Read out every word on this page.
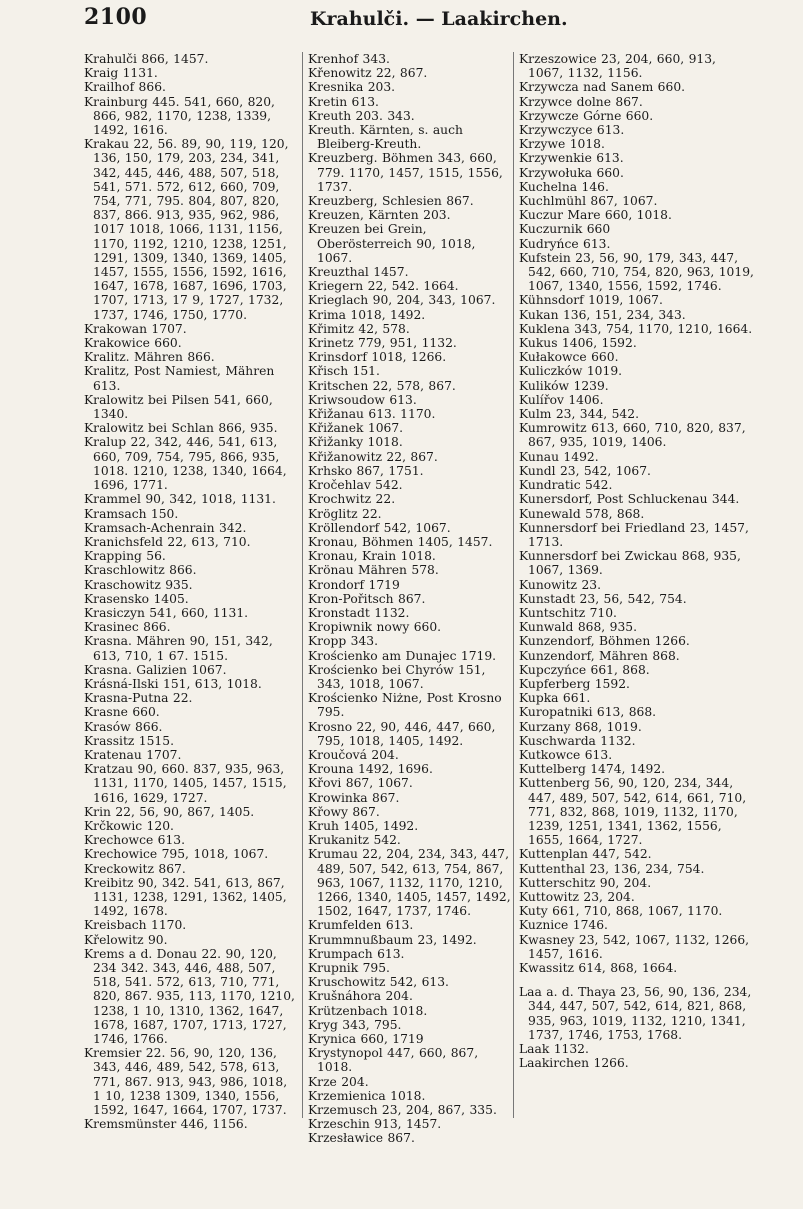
2100	Krahulči. — Laakirchen.
Krahulči 866, 1457.
Kraig 1131.
Krailhof 866.
Krainburg 445. 541, 660, 820, 866, 982, 1170, 1238, 1339, 1492, 1616.
Krakau 22, 56. 89, 90, 119, 120, 136, 150, 179, 203, 234, 341, 342, 445, 446, 488, 507, 518, 541, 571. 572, 612, 660, 709, 754, 771, 795. 804, 807, 820, 837, 866. 913, 935, 962, 986, 1017 1018, 1066, 1131, 1156, 1170, 1192, 1210, 1238, 1251, 1291, 1309, 1340, 1369, 1405, 1457, 1555, 1556, 1592, 1616, 1647, 1678, 1687, 1696, 1703, 1707, 1713, 17 9, 1727, 1732, 1737, 1746, 1750, 1770.
Krakowan 1707.
Krakowice 660.
Kralitz. Mähren 866.
Kralitz, Post Namiest, Mähren 613.
Kralowitz bei Pilsen 541, 660, 1340.
Kralowitz bei Schlan 866, 935.
Kralup 22, 342, 446, 541, 613, 660, 709, 754, 795, 866, 935, 1018. 1210, 1238, 1340, 1664, 1696, 1771.
Krammel 90, 342, 1018, 1131.
Kramsach 150.
Kramsach-Achenrain 342.
Kranichsfeld 22, 613, 710.
Krapping 56.
Kraschlowitz 866.
Kraschowitz 935.
Krasensko 1405.
Krasiczyn 541, 660, 1131.
Krasinec 866.
Krasna. Mähren 90, 151, 342, 613, 710, 1 67. 1515.
Krasna. Galizien 1067.
Krásná-Ilski 151, 613, 1018.
Krasna-Putna 22.
Krasne 660.
Krasów 866.
Krassitz 1515.
Kratenau 1707.
Kratzau 90, 660. 837, 935, 963, 1131, 1170, 1405, 1457, 1515, 1616, 1629, 1727.
Krin 22, 56, 90, 867, 1405.
Krčkowic 120.
Krechowce 613.
Krechowice 795, 1018, 1067.
Kreckowitz 867.
Kreibitz 90, 342. 541, 613, 867, 1131, 1238, 1291, 1362, 1405, 1492, 1678.
Kreisbach 1170.
Křelowitz 90.
Krems a d. Donau 22. 90, 120, 234 342. 343, 446, 488, 507, 518, 541. 572, 613, 710, 771, 820, 867. 935, 113, 1170, 1210, 1238, 1 10, 1310, 1362, 1647, 1678, 1687, 1707, 1713, 1727, 1746, 1766.
Kremsier 22. 56, 90, 120, 136, 343, 446, 489, 542, 578, 613, 771, 867. 913, 943, 986, 1018, 1 10, 1238 1309, 1340, 1556, 1592, 1647, 1664, 1707, 1737.
Kremsmünster 446, 1156.
Krenhof 343.
Křenowitz 22, 867.
Kresnika 203.
Kretin 613.
Kreuth 203. 343.
Kreuth. Kärnten, s. auch Bleiberg-Kreuth.
Kreuzberg. Böhmen 343, 660, 779. 1170, 1457, 1515, 1556, 1737.
Kreuzberg, Schlesien 867.
Kreuzen, Kärnten 203.
Kreuzen bei Grein, Oberösterreich 90, 1018, 1067.
Kreuzthal 1457.
Kriegern 22, 542. 1664.
Krieglach 90, 204, 343, 1067.
Krima 1018, 1492.
Křimitz 42, 578.
Krinetz 779, 951, 1132.
Krinsdorf 1018, 1266.
Křisch 151.
Kritschen 22, 578, 867.
Kriwsoudow 613.
Křižanau 613. 1170.
Křižanek 1067.
Křižanky 1018.
Křižanowitz 22, 867.
Krhsko 867, 1751.
Kročehlav 542.
Krochwitz 22.
Kröglitz 22.
Kröllendorf 542, 1067.
Kronau, Böhmen 1405, 1457.
Kronau, Krain 1018.
Krönau Mähren 578.
Krondorf 1719
Kron-Pořitsch 867.
Kronstadt 1132.
Kropiwnik nowy 660.
Kropp 343.
Krościenko am Dunajec 1719.
Krościenko bei Chyrów 151, 343, 1018, 1067.
Krościenko Niżne, Post Krosno 795.
Krosno 22, 90, 446, 447, 660, 795, 1018, 1405, 1492.
Kroučová 204.
Krouna 1492, 1696.
Křovi 867, 1067.
Krowinka 867.
Křowy 867.
Kruh 1405, 1492.
Krukanitz 542.
Krumau 22, 204, 234, 343, 447, 489, 507, 542, 613, 754, 867, 963, 1067, 1132, 1170, 1210, 1266, 1340, 1405, 1457, 1492, 1502, 1647, 1737, 1746.
Krumfelden 613.
Krummnußbaum 23, 1492.
Krumpach 613.
Krupnik 795.
Kruschowitz 542, 613.
Krušnáhora 204.
Krützenbach 1018.
Kryg 343, 795.
Krynica 660, 1719
Krystynopol 447, 660, 867, 1018.
Krze 204.
Krzemienica 1018.
Krzemusch 23, 204, 867, 335.
Krzeschin 913, 1457.
Krzesławice 867.
Krzeszowice 23, 204, 660, 913, 1067, 1132, 1156.
Krzywcza nad Sanem 660.
Krzywce dolne 867.
Krzywcze Górne 660.
Krzywczyce 613.
Krzywe 1018.
Krzywenkie 613.
Krzywołuka 660.
Kuchelna 146.
Kuchlmühl 867, 1067.
Kuczur Mare 660, 1018.
Kuczurnik 660
Kudryńce 613.
Kufstein 23, 56, 90, 179, 343, 447, 542, 660, 710, 754, 820, 963, 1019, 1067, 1340, 1556, 1592, 1746.
Kühnsdorf 1019, 1067.
Kukan 136, 151, 234, 343.
Kuklena 343, 754, 1170, 1210, 1664.
Kukus 1406, 1592.
Kułakowce 660.
Kuliczków 1019.
Kulików 1239.
Kulířov 1406.
Kulm 23, 344, 542.
Kumrowitz 613, 660, 710, 820, 837, 867, 935, 1019, 1406.
Kunau 1492.
Kundl 23, 542, 1067.
Kundratic 542.
Kunersdorf, Post Schluckenau 344.
Kunewald 578, 868.
Kunnersdorf bei Friedland 23, 1457, 1713.
Kunnersdorf bei Zwickau 868, 935, 1067, 1369.
Kunowitz 23.
Kunstadt 23, 56, 542, 754.
Kuntschitz 710.
Kunwald 868, 935.
Kunzendorf, Böhmen 1266.
Kunzendorf, Mähren 868.
Kupczyńce 661, 868.
Kupferberg 1592.
Kupka 661.
Kuropatniki 613, 868.
Kurzany 868, 1019.
Kuschwarda 1132.
Kutkowce 613.
Kuttelberg 1474, 1492.
Kuttenberg 56, 90, 120, 234, 344, 447, 489, 507, 542, 614, 661, 710, 771, 832, 868, 1019, 1132, 1170, 1239, 1251, 1341, 1362, 1556, 1655, 1664, 1727.
Kuttenplan 447, 542.
Kuttenthal 23, 136, 234, 754.
Kutterschitz 90, 204.
Kuttowitz 23, 204.
Kuty 661, 710, 868, 1067, 1170.
Kuznice 1746.
Kwasney 23, 542, 1067, 1132, 1266, 1457, 1616.
Kwassitz 614, 868, 1664.
Laa a. d. Thaya 23, 56, 90, 136, 234, 344, 447, 507, 542, 614, 821, 868, 935, 963, 1019, 1132, 1210, 1341, 1737, 1746, 1753, 1768.
Laak 1132.
Laakirchen 1266.
